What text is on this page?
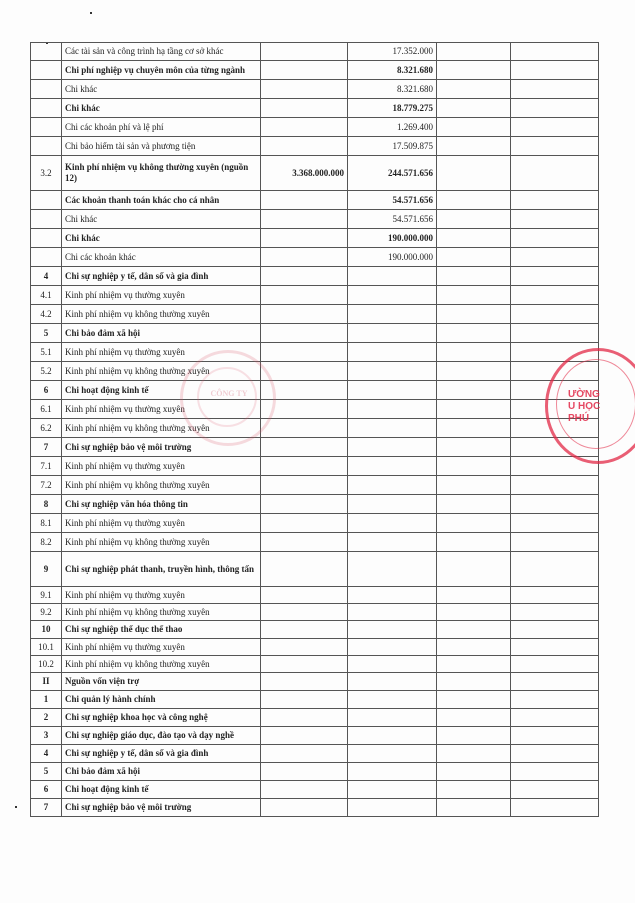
	Các tài sản và công trình hạ tầng cơ sở khác		17.352.000		
	Chi phí nghiệp vụ chuyên môn của từng ngành		8.321.680		
	Chi khác		8.321.680		
	Chi khác		18.779.275		
	Chi các khoản phí và lệ phí		1.269.400		
	Chi bảo hiểm tài sản và phương tiện		17.509.875		
3.2	Kinh phí nhiệm vụ không thường xuyên (nguồn 12)	3.368.000.000	244.571.656		
	Các khoản thanh toán khác cho cá nhân		54.571.656		
	Chi khác		54.571.656		
	Chi khác		190.000.000		
	Chi các khoản khác		190.000.000		
4	Chi sự nghiệp y tế, dân số và gia đình				
4.1	Kinh phí nhiệm vụ thường xuyên				
4.2	Kinh phí nhiệm vụ không thường xuyên				
5	Chi bảo đảm xã hội				
5.1	Kinh phí nhiệm vụ thường xuyên				
5.2	Kinh phí nhiệm vụ không thường xuyên				
6	Chi hoạt động kinh tế				
6.1	Kinh phí nhiệm vụ thường xuyên				
6.2	Kinh phí nhiệm vụ không thường xuyên				
7	Chi sự nghiệp bảo vệ môi trường				
7.1	Kinh phí nhiệm vụ thường xuyên				
7.2	Kinh phí nhiệm vụ không thường xuyên				
8	Chi sự nghiệp văn hóa thông tin				
8.1	Kinh phí nhiệm vụ thường xuyên				
8.2	Kinh phí nhiệm vụ không thường xuyên				
9	Chi sự nghiệp phát thanh, truyền hình, thông tấn				
9.1	Kinh phí nhiệm vụ thường xuyên				
9.2	Kinh phí nhiệm vụ không thường xuyên				
10	Chi sự nghiệp thể dục thể thao				
10.1	Kinh phí nhiệm vụ thường xuyên				
10.2	Kinh phí nhiệm vụ không thường xuyên				
II	Nguồn vốn viện trợ				
1	Chi quản lý hành chính				
2	Chi sự nghiệp khoa học và công nghệ				
3	Chi sự nghiệp giáo dục, đào tạo và dạy nghề				
4	Chi sự nghiệp y tế, dân số và gia đình				
5	Chi bảo đảm xã hội				
6	Chi hoạt động kinh tế				
7	Chi sự nghiệp bảo vệ môi trường				
CÔNG TY	ƯỜNG
U HỌC
PHÚ
